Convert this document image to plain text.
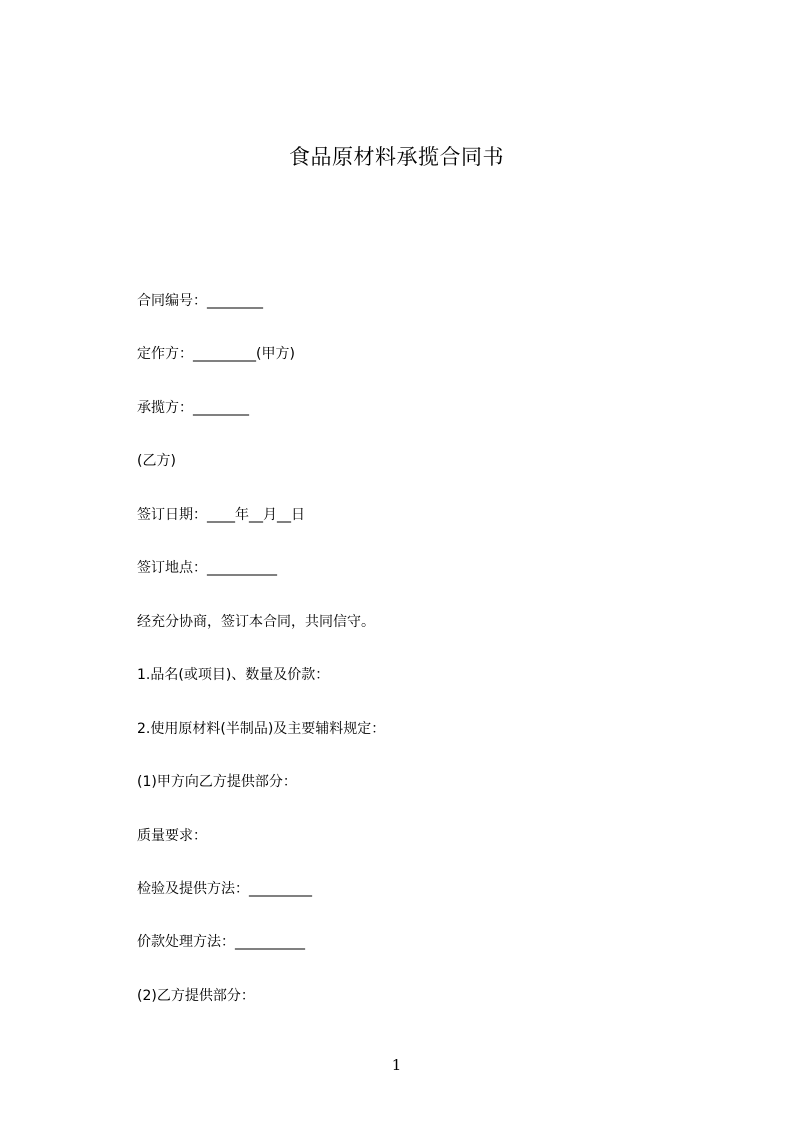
食品原材料承揽合同书
合同编号：________
定作方：_________(甲方)
承揽方：________
(乙方)
签订日期：____年__月__日
签订地点：__________
经充分协商，签订本合同，共同信守。
1.品名(或项目)、数量及价款：
2.使用原材料(半制品)及主要辅料规定：
(1)甲方向乙方提供部分：
质量要求：
检验及提供方法：_________
价款处理方法：__________
(2)乙方提供部分：
1
